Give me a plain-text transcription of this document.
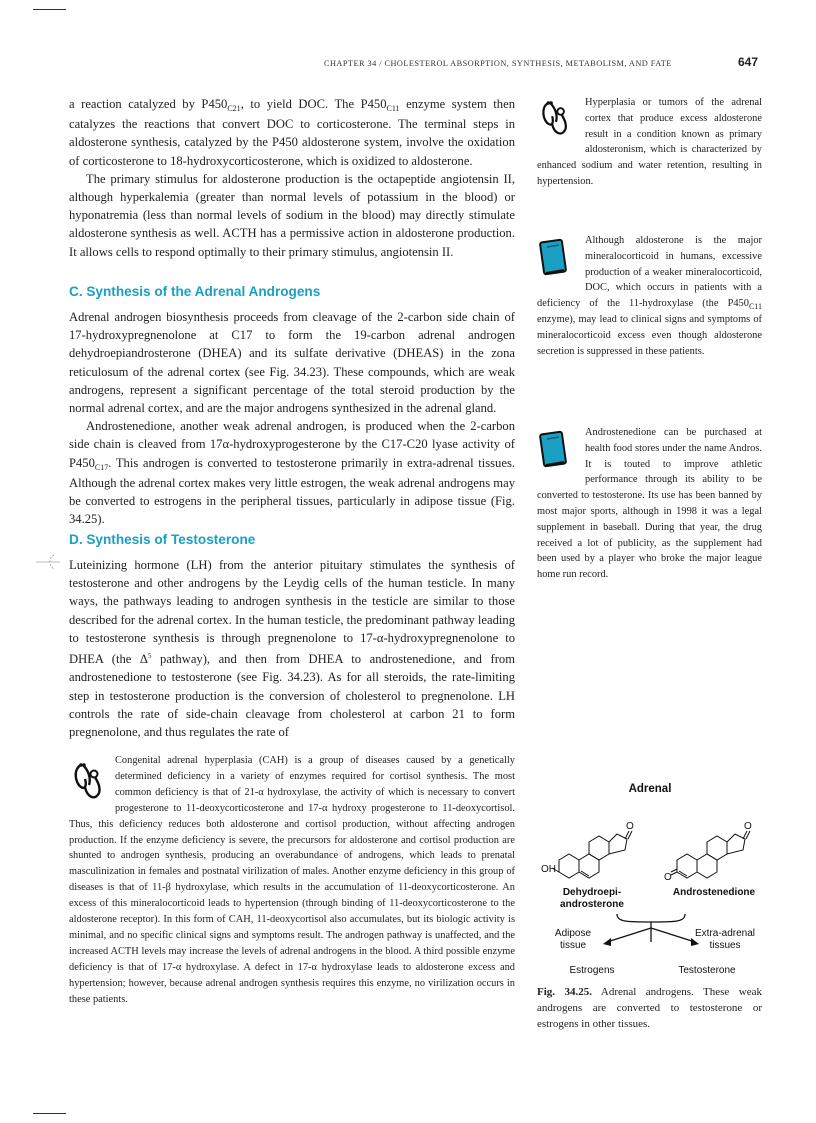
CHAPTER 34 / CHOLESTEROL ABSORPTION, SYNTHESIS, METABOLISM, AND FATE	647

a reaction catalyzed by $P450_{C21}$, to yield DOC. The $P450_{C11}$ enzyme system then catalyzes the reactions that convert DOC to corticosterone. The terminal steps in aldosterone synthesis, catalyzed by the P450 aldosterone system, involve the oxidation of corticosterone to 18-hydroxycorticosterone, which is oxidized to aldosterone.

The primary stimulus for aldosterone production is the octapeptide angiotensin II, although hyperkalemia (greater than normal levels of potassium in the blood) or hyponatremia (less than normal levels of sodium in the blood) may directly stimulate aldosterone synthesis as well. ACTH has a permissive action in aldosterone production. It allows cells to respond optimally to their primary stimulus, angiotensin II.

C. Synthesis of the Adrenal Androgens

Adrenal androgen biosynthesis proceeds from cleavage of the 2-carbon side chain of 17-hydroxypregnenolone at C17 to form the 19-carbon adrenal androgen dehydroepiandrosterone (DHEA) and its sulfate derivative (DHEAS) in the zona reticulosum of the adrenal cortex (see Fig. 34.23). These compounds, which are weak androgens, represent a significant percentage of the total steroid production by the normal adrenal cortex, and are the major androgens synthesized in the adrenal gland.

Androstenedione, another weak adrenal androgen, is produced when the 2-carbon side chain is cleaved from 17α-hydroxyprogesterone by the C17-C20 lyase activity of $P450_{C17}$. This androgen is converted to testosterone primarily in extra-adrenal tissues. Although the adrenal cortex makes very little estrogen, the weak adrenal androgens may be converted to estrogens in the peripheral tissues, particularly in adipose tissue (Fig. 34.25).

D. Synthesis of Testosterone

Luteinizing hormone (LH) from the anterior pituitary stimulates the synthesis of testosterone and other androgens by the Leydig cells of the human testicle. In many ways, the pathways leading to androgen synthesis in the testicle are similar to those described for the adrenal cortex. In the human testicle, the predominant pathway leading to testosterone synthesis is through pregnenolone to 17-α-hydroxypregnenolone to DHEA (the $\Delta^5$ pathway), and then from DHEA to androstenedione, and from androstenedione to testosterone (see Fig. 34.23). As for all steroids, the rate-limiting step in testosterone production is the conversion of cholesterol to pregnenolone. LH controls the rate of side-chain cleavage from cholesterol at carbon 21 to form pregnenolone, and thus regulates the rate of

Congenital adrenal hyperplasia (CAH) is a group of diseases caused by a genetically determined deficiency in a variety of enzymes required for cortisol synthesis. The most common deficiency is that of 21-α hydroxylase, the activity of which is necessary to convert progesterone to 11-deoxycorticosterone and 17-α hydroxy progesterone to 11-deoxycortisol. Thus, this deficiency reduces both aldosterone and cortisol production, without affecting androgen production. If the enzyme deficiency is severe, the precursors for aldosterone and cortisol production are shunted to androgen synthesis, producing an overabundance of androgens, which leads to prenatal masculinization in females and postnatal virilization of males. Another enzyme deficiency in this group of diseases is that of 11-β hydroxylase, which results in the accumulation of 11-deoxycorticosterone. An excess of this mineralocorticoid leads to hypertension (through binding of 11-deoxycorticosterone to the aldosterone receptor). In this form of CAH, 11-deoxycortisol also accumulates, but its biologic activity is minimal, and no specific clinical signs and symptoms result. The androgen pathway is unaffected, and the increased ACTH levels may increase the levels of adrenal androgens in the blood. A third possible enzyme deficiency is that of 17-α hydroxylase. A defect in 17-α hydroxylase leads to aldosterone excess and hypertension; however, because adrenal androgen synthesis requires this enzyme, no virilization occurs in these patients.

Hyperplasia or tumors of the adrenal cortex that produce excess aldosterone result in a condition known as primary aldosteronism, which is characterized by enhanced sodium and water retention, resulting in hypertension.

Although aldosterone is the major mineralocorticoid in humans, excessive production of a weaker mineralocorticoid, DOC, which occurs in patients with a deficiency of the 11-hydroxylase (the $P450_{C11}$ enzyme), may lead to clinical signs and symptoms of mineralocorticoid excess even though aldosterone secretion is suppressed in these patients.

Androstenedione can be purchased at health food stores under the name Andros. It is touted to improve athletic performance through its ability to be converted to testosterone. Its use has been banned by most major sports, although in 1998 it was a legal supplement in baseball. During that year, the drug received a lot of publicity, as the supplement had been used by a player who broke the major league home run record.

Adrenal
OH
O	O
O
Dehydroepi-androsterone
Androstenedione
Adipose tissue
Extra-adrenal tissues
Estrogens	Testosterone
Fig. 34.25. Adrenal androgens. These weak androgens are converted to testosterone or estrogens in other tissues.
